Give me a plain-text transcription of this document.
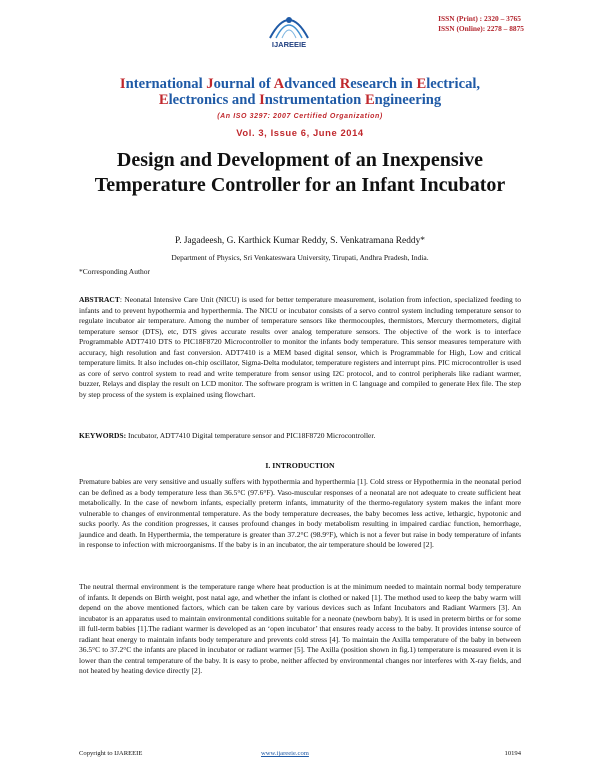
IJAREEIE
ISSN (Print) : 2320 – 3765
ISSN (Online): 2278 – 8875
International Journal of Advanced Research in Electrical,
Electronics and Instrumentation Engineering
(An ISO 3297: 2007 Certified Organization)
Vol. 3, Issue 6, June 2014
Design and Development of an Inexpensive Temperature Controller for an Infant Incubator
P. Jagadeesh, G. Karthick Kumar Reddy, S. Venkatramana Reddy*
Department of Physics, Sri Venkateswara University, Tirupati, Andhra Pradesh, India.
*Corresponding Author
ABSTRACT: Neonatal Intensive Care Unit (NICU) is used for better temperature measurement, isolation from infection, specialized feeding to infants and to prevent hypothermia and hyperthermia. The NICU or incubator consists of a servo control system including temperature sensor to regulate incubator air temperature. Among the number of temperature sensors like thermocouples, thermistors, Mercury thermometers, digital temperature sensor (DTS), etc, DTS gives accurate results over analog temperature sensors. The objective of the work is to interface Programmable ADT7410 DTS to PIC18F8720 Microcontroller to monitor the infants body temperature. This sensor measures temperature with accuracy, high resolution and fast conversion. ADT7410 is a MEM based digital sensor, which is Programmable for High, Low and critical temperature limits. It also includes on-chip oscillator, Sigma-Delta modulator, temperature registers and interrupt pins. PIC microcontroller is used as core of servo control system to read and write temperature from sensor using I2C protocol, and to control peripherals like radiant warmer, buzzer, Relays and display the result on LCD monitor. The software program is written in C language and compiled to generate Hex file. The step by step process of the system is explained using flowchart.
KEYWORDS: Incubator, ADT7410 Digital temperature sensor and PIC18F8720 Microcontroller.
I. INTRODUCTION
Premature babies are very sensitive and usually suffers with hypothermia and hyperthermia [1]. Cold stress or Hypothermia in the neonatal period can be defined as a body temperature less than 36.5°C (97.6°F). Vaso-muscular responses of a neonatal are not adequate to create sufficient heat metabolically. In the case of newborn infants, especially preterm infants, immaturity of the thermo-regulatory system makes the infant more vulnerable to changes of environmental temperature. As the body temperature decreases, the baby becomes less active, lethargic, hypotonic and sucks poorly. As the condition progresses, it causes profound changes in body metabolism resulting in impaired cardiac function, hemorrhage, jaundice and death. In Hyperthermia, the temperature is greater than 37.2°C (98.9°F), which is not a fever but raise in body temperature of infants in response to infection with microorganisms. If the baby is in an incubator, the air temperature should be lowered [2].
The neutral thermal environment is the temperature range where heat production is at the minimum needed to maintain normal body temperature of infants. It depends on Birth weight, post natal age, and whether the infant is clothed or naked [1]. The method used to keep the baby warm will depend on the above mentioned factors, which can be taken care by various devices such as Infant Incubators and Radiant Warmers [3]. An incubator is an apparatus used to maintain environmental conditions suitable for a neonate (newborn baby). It is used in preterm births or for some ill full-term babies [1].The radiant warmer is developed as an ‘open incubator’ that ensures ready access to the baby. It provides intense source of radiant heat energy to maintain infants body temperature and prevents cold stress [4]. To maintain the Axilla temperature of the baby in between 36.5°C to 37.2°C the infants are placed in incubator or radiant warmer [5]. The Axilla (position shown in fig.1) temperature is measured even it is lower than the central temperature of the baby. It is easy to probe, neither affected by environmental changes nor interferes with X-ray fields, and not heated by heating device directly [2].
Copyright to IJAREEIE	www.ijareeie.com	10194
